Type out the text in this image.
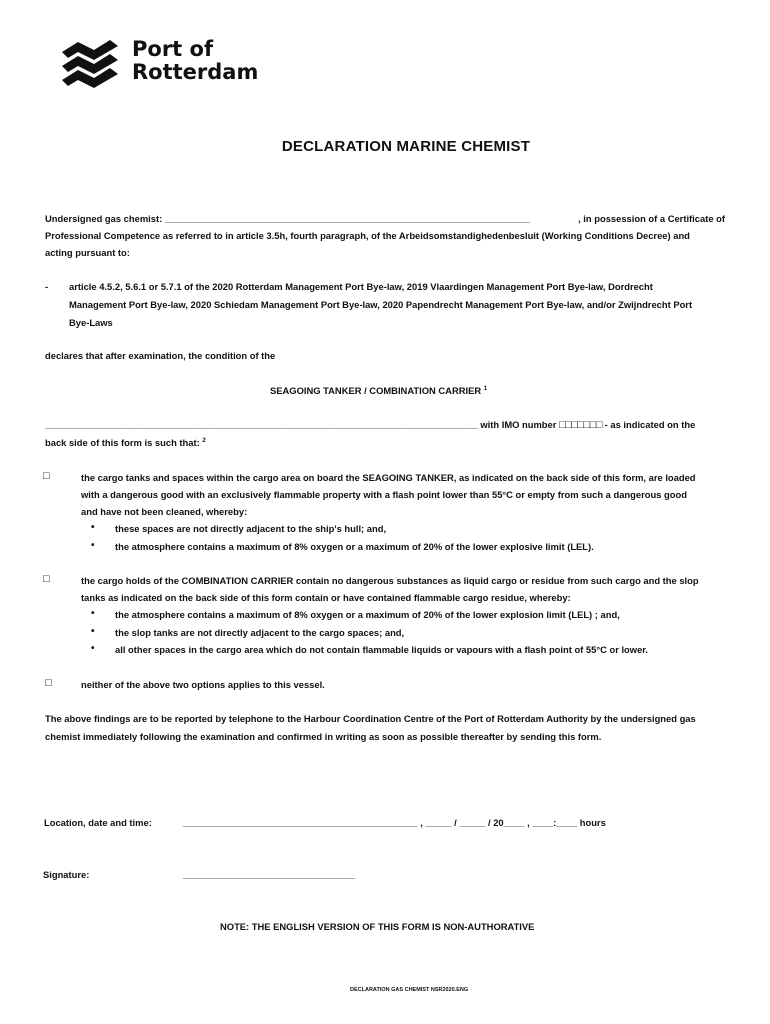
Port of
Rotterdam
DECLARATION MARINE CHEMIST
Undersigned gas chemist: ______________________________________________________________________	, in possession of a Certificate of
Professional Competence as referred to in article 3.5h, fourth paragraph, of the Arbeidsomstandighedenbesluit (Working Conditions Decree) and
acting pursuant to:
- article 4.5.2, 5.6.1 or 5.7.1 of the 2020 Rotterdam Management Port Bye-law, 2019 Vlaardingen Management Port Bye-law, Dordrecht
Management Port Bye-law, 2020 Schiedam Management Port Bye-law, 2020 Papendrecht Management Port Bye-law, and/or Zwijndrecht Port
Bye-Laws
declares that after examination, the condition of the
SEAGOING TANKER / COMBINATION CARRIER $^1$
___________________________________________________________________________________ with IMO number □□□□□□□ - as indicated on the
back side of this form is such that: $^2$
□	the cargo tanks and spaces within the cargo area on board the SEAGOING TANKER, as indicated on the back side of this form, are loaded
with a dangerous good with an exclusively flammable property with a flash point lower than 55°C or empty from such a dangerous good
and have not been cleaned, whereby:
• these spaces are not directly adjacent to the ship's hull; and,
• the atmosphere contains a maximum of 8% oxygen or a maximum of 20% of the lower explosive limit (LEL).
□	the cargo holds of the COMBINATION CARRIER contain no dangerous substances as liquid cargo or residue from such cargo and the slop
tanks as indicated on the back side of this form contain or have contained flammable cargo residue, whereby:
• the atmosphere contains a maximum of 8% oxygen or a maximum of 20% of the lower explosion limit (LEL) ; and,
• the slop tanks are not directly adjacent to the cargo spaces; and,
• all other spaces in the cargo area which do not contain flammable liquids or vapours with a flash point of 55°C or lower.
□	neither of the above two options applies to this vessel.
The above findings are to be reported by telephone to the Harbour Coordination Centre of the Port of Rotterdam Authority by the undersigned gas
chemist immediately following the examination and confirmed in writing as soon as possible thereafter by sending this form.
Location, date and time:	_____________________________________________ , _____ / _____ / 20____ , ____:____ hours
Signature:	_________________________________
NOTE: THE ENGLISH VERSION OF THIS FORM IS NON-AUTHORATIVE
DECLARATION GAS CHEMIST NSR2020.ENG
